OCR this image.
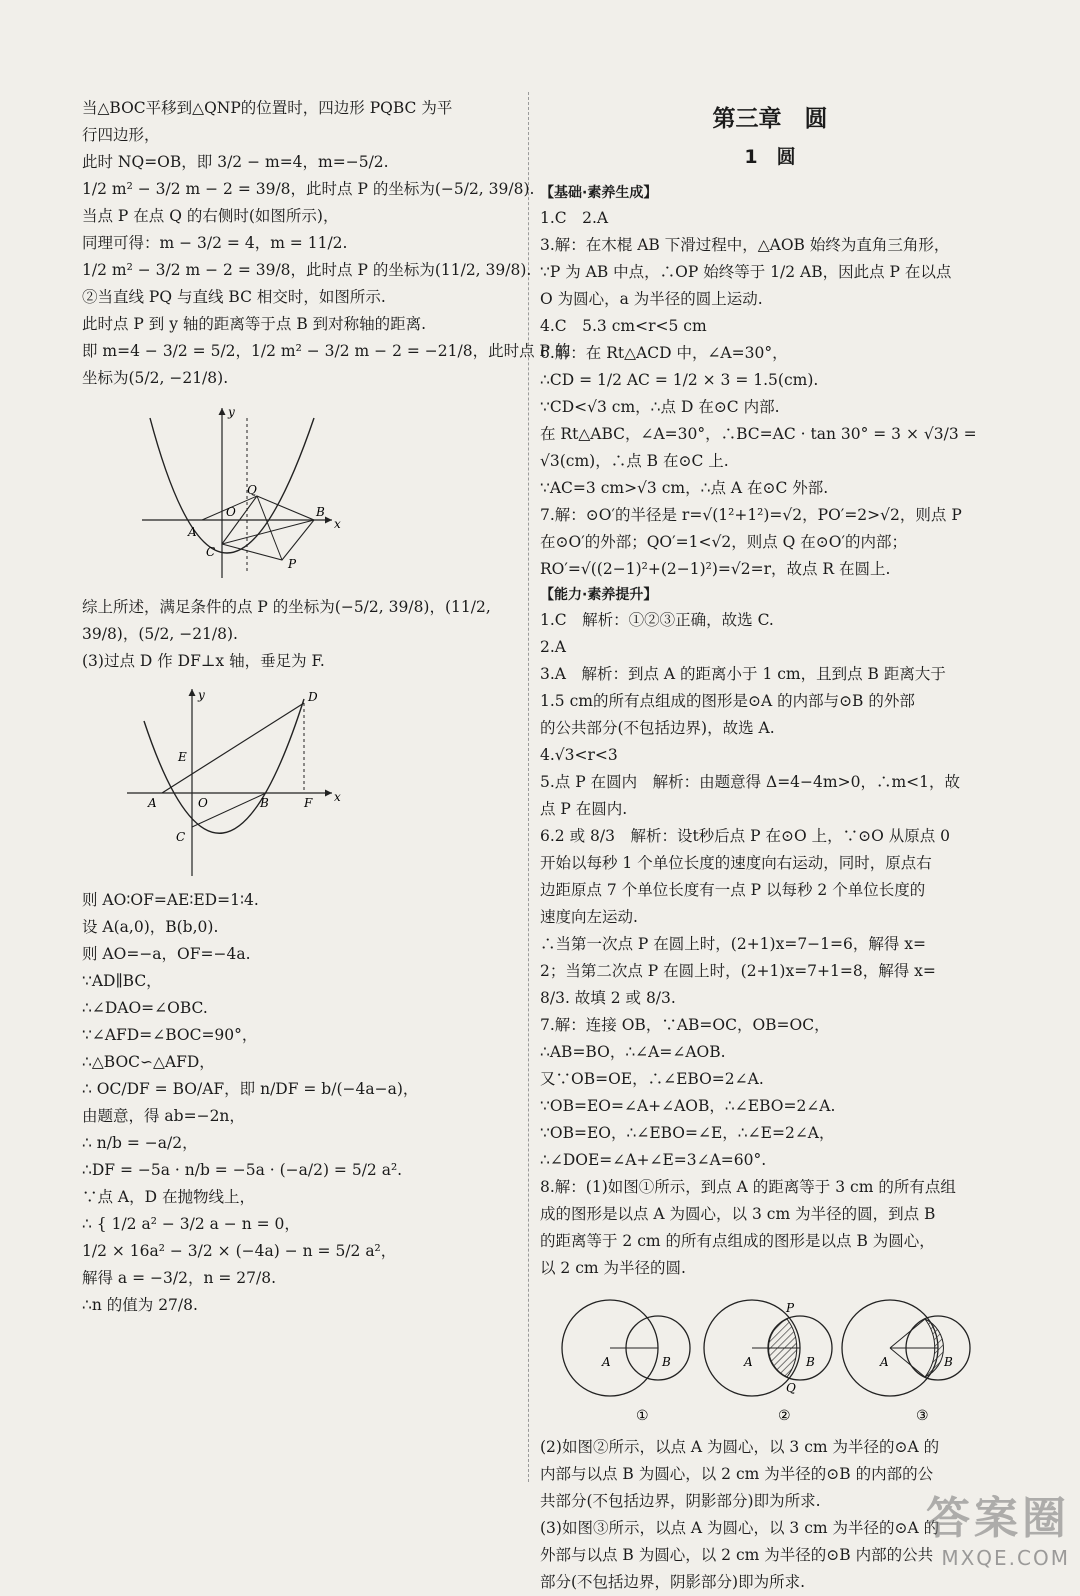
当△BOC平移到△QNP的位置时，四边形 PQBC 为平
行四边形，
此时 NQ=OB，即 3/2 − m=4，m=−5/2.
1/2 m² − 3/2 m − 2 = 39/8，此时点 P 的坐标为(−5/2, 39/8).
当点 P 在点 Q 的右侧时(如图所示)，
同理可得：m − 3/2 = 4，m = 11/2.
1/2 m² − 3/2 m − 2 = 39/8，此时点 P 的坐标为(11/2, 39/8).
②当直线 PQ 与直线 BC 相交时，如图所示.
此时点 P 到 y 轴的距离等于点 B 到对称轴的距离.
即 m=4 − 3/2 = 5/2，1/2 m² − 3/2 m − 2 = −21/8，此时点 P 的
坐标为(5/2, −21/8).
y
Q
A
O	B
x
C
P
综上所述，满足条件的点 P 的坐标为(−5/2, 39/8)，(11/2,
39/8)，(5/2, −21/8).
(3)过点 D 作 DF⊥x 轴，垂足为 F.
y	D
E
A	O	B	F x
C
则 AO∶OF=AE∶ED=1∶4.
设 A(a,0)，B(b,0).
则 AO=−a，OF=−4a.
∵AD∥BC，
∴∠DAO=∠OBC.
∵∠AFD=∠BOC=90°，
∴△BOC∽△AFD，
∴ OC/DF = BO/AF，即 n/DF = b/(−4a−a)，
由题意，得 ab=−2n，
∴ n/b = −a/2，
∴DF = −5a · n/b = −5a · (−a/2) = 5/2 a².
∵点 A，D 在抛物线上，
∴ { 1/2 a² − 3/2 a − n = 0，
1/2 × 16a² − 3/2 × (−4a) − n = 5/2 a²，
解得 a = −3/2，n = 27/8.
∴n 的值为 27/8.
第三章　圆
1　圆
【基础·素养生成】
1.C　2.A
3.解：在木棍 AB 下滑过程中，△AOB 始终为直角三角形，
∵P 为 AB 中点，∴OP 始终等于 1/2 AB，因此点 P 在以点
O 为圆心，a 为半径的圆上运动.
4.C　5.3 cm<r<5 cm
6.解：在 Rt△ACD 中，∠A=30°，
∴CD = 1/2 AC = 1/2 × 3 = 1.5(cm).
∵CD<√3 cm，∴点 D 在⊙C 内部.
在 Rt△ABC，∠A=30°，∴BC=AC · tan 30° = 3 × √3/3 =
√3(cm)，∴点 B 在⊙C 上.
∵AC=3 cm>√3 cm，∴点 A 在⊙C 外部.
7.解：⊙O′的半径是 r=√(1²+1²)=√2，PO′=2>√2，则点 P
在⊙O′的外部；QO′=1<√2，则点 Q 在⊙O′的内部；
RO′=√((2−1)²+(2−1)²)=√2=r，故点 R 在圆上.
【能力·素养提升】
1.C　解析：①②③正确，故选 C.
2.A
3.A　解析：到点 A 的距离小于 1 cm，且到点 B 距离大于
1.5 cm的所有点组成的图形是⊙A 的内部与⊙B 的外部
的公共部分(不包括边界)，故选 A.
4.√3<r<3
5.点 P 在圆内　解析：由题意得 Δ=4−4m>0，∴m<1，故
点 P 在圆内.
6.2 或 8/3　解析：设t秒后点 P 在⊙O 上，∵⊙O 从原点 0
开始以每秒 1 个单位长度的速度向右运动，同时，原点右
边距原点 7 个单位长度有一点 P 以每秒 2 个单位长度的
速度向左运动.
∴当第一次点 P 在圆上时，(2+1)x=7−1=6，解得 x=
2；当第二次点 P 在圆上时，(2+1)x=7+1=8，解得 x=
8/3. 故填 2 或 8/3.
7.解：连接 OB，∵AB=OC，OB=OC，
∴AB=BO，∴∠A=∠AOB.
又∵OB=OE，∴∠EBO=2∠A.
∵OB=EO=∠A+∠AOB，∴∠EBO=2∠A.
∵OB=EO，∴∠EBO=∠E，∴∠E=2∠A，
∴∠DOE=∠A+∠E=3∠A=60°.
8.解：(1)如图①所示，到点 A 的距离等于 3 cm 的所有点组
成的图形是以点 A 为圆心，以 3 cm 为半径的圆，到点 B
的距离等于 2 cm 的所有点组成的图形是以点 B 为圆心，
以 2 cm 为半径的圆.
A	B
①
A	B
P
Q
②
A	B
③
(2)如图②所示，以点 A 为圆心，以 3 cm 为半径的⊙A 的
内部与以点 B 为圆心，以 2 cm 为半径的⊙B 的内部的公
共部分(不包括边界，阴影部分)即为所求.
(3)如图③所示，以点 A 为圆心，以 3 cm 为半径的⊙A 的
外部与以点 B 为圆心，以 2 cm 为半径的⊙B 内部的公共
部分(不包括边界，阴影部分)即为所求.
答案圈
MXQE.COM
